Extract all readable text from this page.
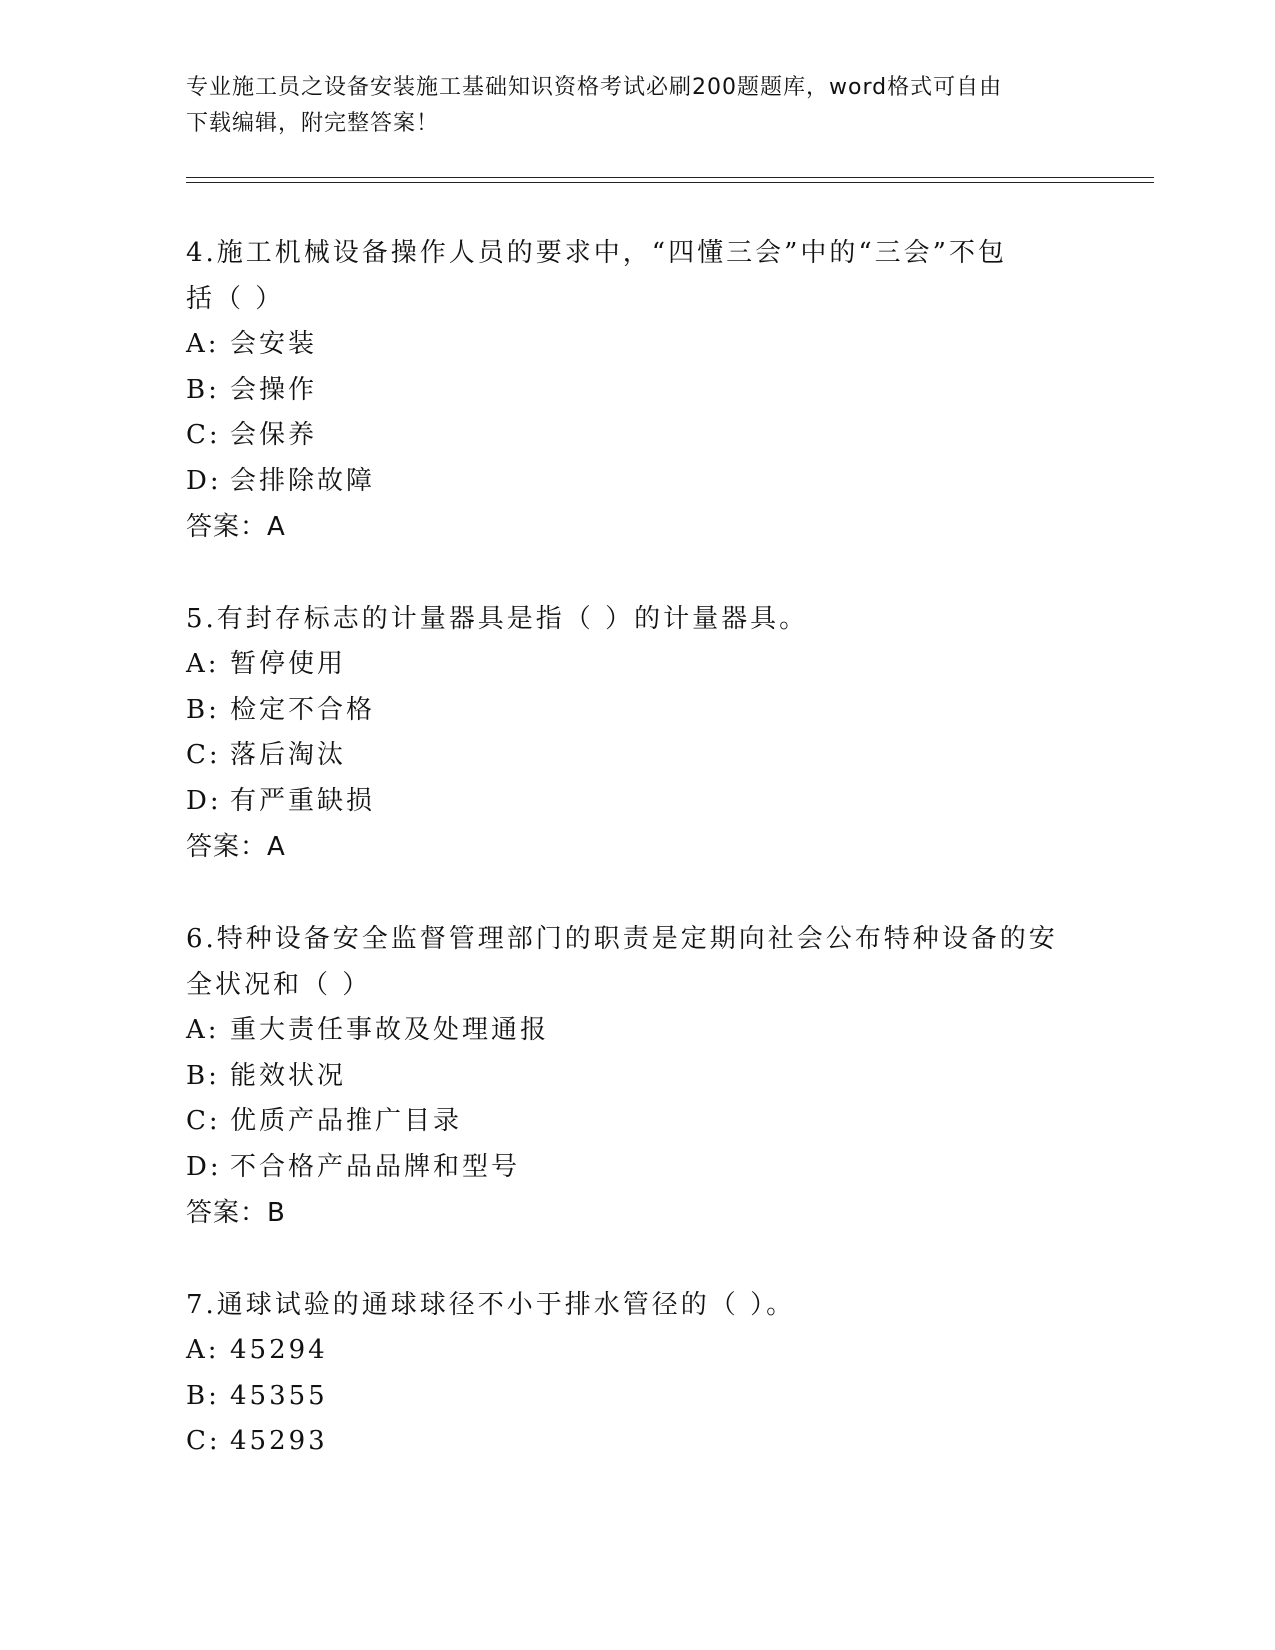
专业施工员之设备安装施工基础知识资格考试必刷200题题库，word格式可自由
下载编辑，附完整答案！
4.施工机械设备操作人员的要求中，“四懂三会”中的“三会”不包
括（ ）
A: 会安装
B: 会操作
C: 会保养
D: 会排除故障
答案：A
5.有封存标志的计量器具是指（ ）的计量器具。
A: 暂停使用
B: 检定不合格
C: 落后淘汰
D: 有严重缺损
答案：A
6.特种设备安全监督管理部门的职责是定期向社会公布特种设备的安
全状况和（ ）
A: 重大责任事故及处理通报
B: 能效状况
C: 优质产品推广目录
D: 不合格产品品牌和型号
答案：B
7.通球试验的通球球径不小于排水管径的（ ）。
A: 45294
B: 45355
C: 45293
